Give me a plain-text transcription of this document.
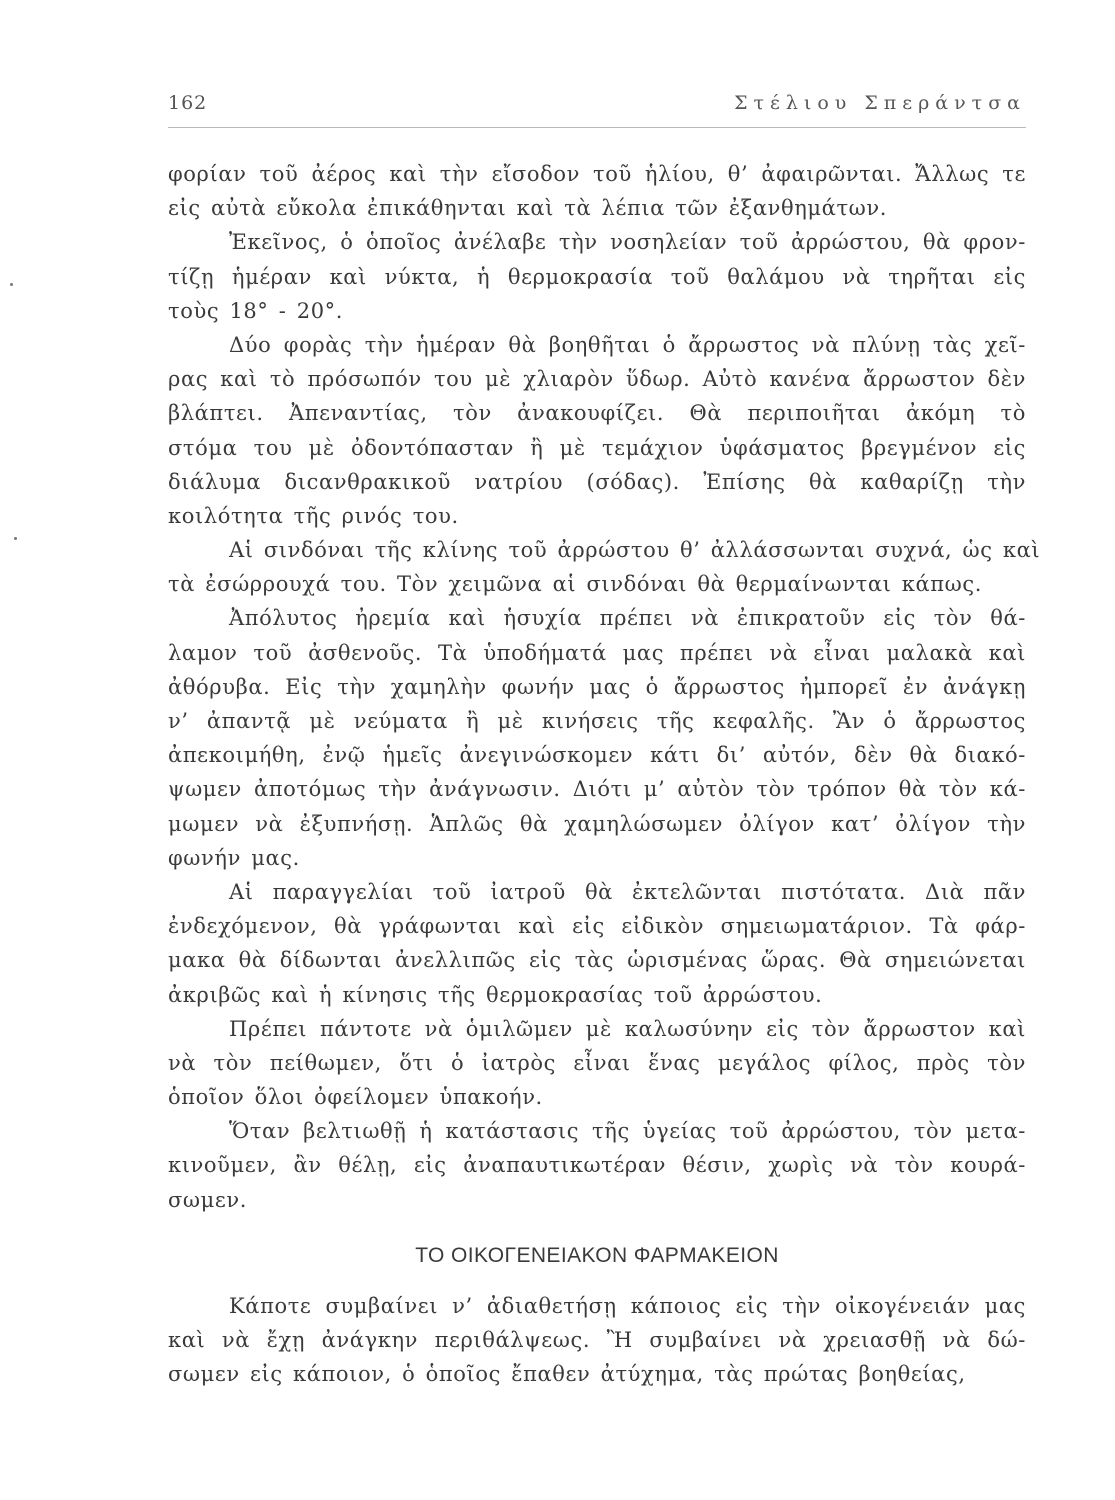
162	Στέλιου Σπεράντσα
φορίαν τοῦ ἀέρος καὶ τὴν εἴσοδον τοῦ ἡλίου, θ’ ἀφαιρῶνται. Ἄλλως τε
εἰς αὐτὰ εὔκολα ἐπικάθηνται καὶ τὰ λέπια τῶν ἐξανθημάτων.
Ἐκεῖνος, ὁ ὁποῖος ἀνέλαβε τὴν νοσηλείαν τοῦ ἀρρώστου, θὰ φρον-
τίζῃ ἡμέραν καὶ νύκτα, ἡ θερμοκρασία τοῦ θαλάμου νὰ τηρῆται εἰς
τοὺς 18° - 20°.
Δύο φορὰς τὴν ἡμέραν θὰ βοηθῆται ὁ ἄρρωστος νὰ πλύνῃ τὰς χεῖ-
ρας καὶ τὸ πρόσωπόν του μὲ χλιαρὸν ὕδωρ. Αὐτὸ κανένα ἄρρωστον δὲν
βλάπτει. Ἀπεναντίας, τὸν ἀνακουφίζει. Θὰ περιποιῆται ἀκόμη τὸ
στόμα του μὲ ὀδοντόπασταν ἢ μὲ τεμάχιον ὑφάσματος βρεγμένον εἰς
διάλυμα διсανθρακικοῦ νατρίου (σόδας). Ἐπίσης θὰ καθαρίζῃ τὴν
κοιλότητα τῆς ρινός του.
Αἱ σινδόναι τῆς κλίνης τοῦ ἀρρώστου θ’ ἀλλάσσωνται συχνά, ὡς καὶ
τὰ ἐσώρρουχά του. Τὸν χειμῶνα αἱ σινδόναι θὰ θερμαίνωνται κάπως.
Ἀπόλυτος ἠρεμία καὶ ἡσυχία πρέπει νὰ ἐπικρατοῦν εἰς τὸν θά-
λαμον τοῦ ἀσθενοῦς. Τὰ ὑποδήματά μας πρέπει νὰ εἶναι μαλακὰ καὶ
ἀθόρυβα. Εἰς τὴν χαμηλὴν φωνήν μας ὁ ἄρρωστος ἠμπορεῖ ἐν ἀνάγκῃ
ν’ ἀπαντᾷ μὲ νεύματα ἢ μὲ κινήσεις τῆς κεφαλῆς. Ἂν ὁ ἄρρωστος
ἀπεκοιμήθη, ἐνῷ ἡμεῖς ἀνεγινώσκομεν κάτι δι’ αὐτόν, δὲν θὰ διακό-
ψωμεν ἀποτόμως τὴν ἀνάγνωσιν. Διότι μ’ αὐτὸν τὸν τρόπον θὰ τὸν κά-
μωμεν νὰ ἐξυπνήσῃ. Ἁπλῶς θὰ χαμηλώσωμεν ὀλίγον κατ’ ὀλίγον τὴν
φωνήν μας.
Αἱ παραγγελίαι τοῦ ἰατροῦ θὰ ἐκτελῶνται πιστότατα. Διὰ πᾶν
ἐνδεχόμενον, θὰ γράφωνται καὶ εἰς εἰδικὸν σημειωματάριον. Τὰ φάρ-
μακα θὰ δίδωνται ἀνελλιπῶς εἰς τὰς ὡρισμένας ὥρας. Θὰ σημειώνεται
ἀκριβῶς καὶ ἡ κίνησις τῆς θερμοκρασίας τοῦ ἀρρώστου.
Πρέπει πάντοτε νὰ ὁμιλῶμεν μὲ καλωσύνην εἰς τὸν ἄρρωστον καὶ
νὰ τὸν πείθωμεν, ὅτι ὁ ἰατρὸς εἶναι ἕνας μεγάλος φίλος, πρὸς τὸν
ὁποῖον ὅλοι ὀφείλομεν ὑπακοήν.
Ὅταν βελτιωθῇ ἡ κατάστασις τῆς ὑγείας τοῦ ἀρρώστου, τὸν μετα-
κινοῦμεν, ἂν θέλῃ, εἰς ἀναπαυτικωτέραν θέσιν, χωρὶς νὰ τὸν κουρά-
σωμεν.
ΤΟ ΟΙΚΟΓΕΝΕΙΑΚΟΝ ΦΑΡΜΑΚΕΙΟΝ
Κάποτε συμβαίνει ν’ ἀδιαθετήσῃ κάποιος εἰς τὴν οἰκογένειάν μας
καὶ νὰ ἔχῃ ἀνάγκην περιθάλψεως. Ἢ συμβαίνει νὰ χρειασθῇ νὰ δώ-
σωμεν εἰς κάποιον, ὁ ὁποῖος ἔπαθεν ἀτύχημα, τὰς πρώτας βοηθείας,
